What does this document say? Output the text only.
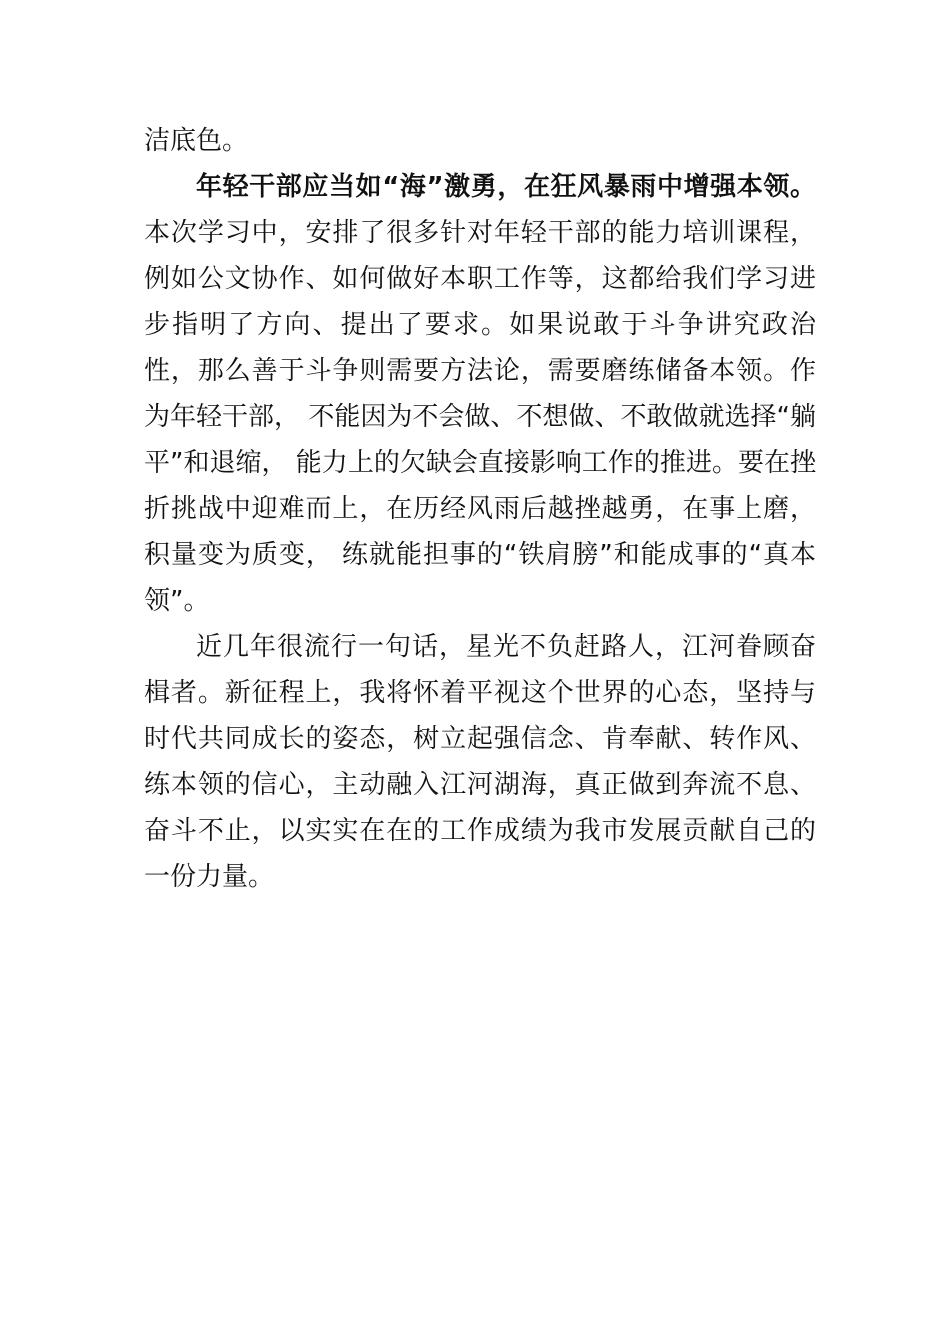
洁底色。

年轻干部应当如“海”激勇，在狂风暴雨中增强本领。本次学习中，安排了很多针对年轻干部的能力培训课程，例如公文协作、如何做好本职工作等，这都给我们学习进步指明了方向、提出了要求。如果说敢于斗争讲究政治性，那么善于斗争则需要方法论，需要磨练储备本领。作为年轻干部， 不能因为不会做、不想做、不敢做就选择“躺平”和退缩， 能力上的欠缺会直接影响工作的推进。要在挫折挑战中迎难而上，在历经风雨后越挫越勇，在事上磨，积量变为质变， 练就能担事的“铁肩膀”和能成事的“真本领”。

近几年很流行一句话，星光不负赶路人，江河眷顾奋楫者。新征程上，我将怀着平视这个世界的心态，坚持与时代共同成长的姿态，树立起强信念、肯奉献、转作风、练本领的信心，主动融入江河湖海，真正做到奔流不息、奋斗不止，以实实在在的工作成绩为我市发展贡献自己的一份力量。
